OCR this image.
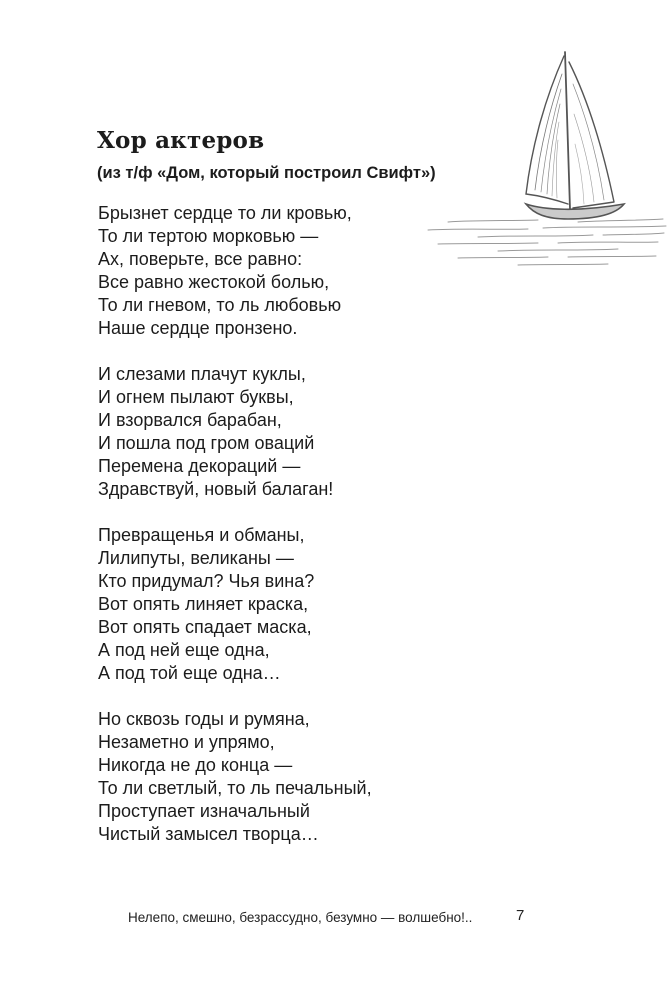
Хор актеров

(из т/ф «Дом, который построил Свифт»)

Брызнет сердце то ли кровью,
То ли тертою морковью —
Ах, поверьте, все равно:
Все равно жестокой болью,
То ли гневом, то ль любовью
Наше сердце пронзено.
И слезами плачут куклы,
И огнем пылают буквы,
И взорвался барабан,
И пошла под гром оваций
Перемена декораций —
Здравствуй, новый балаган!
Превращенья и обманы,
Лилипуты, великаны —
Кто придумал? Чья вина?
Вот опять линяет краска,
Вот опять спадает маска,
А под ней еще одна,
А под той еще одна…
Но сквозь годы и румяна,
Незаметно и упрямо,
Никогда не до конца —
То ли светлый, то ль печальный,
Проступает изначальный
Чистый замысел творца…
Нелепо, смешно, безрассудно, безумно — волшебно!..	7
